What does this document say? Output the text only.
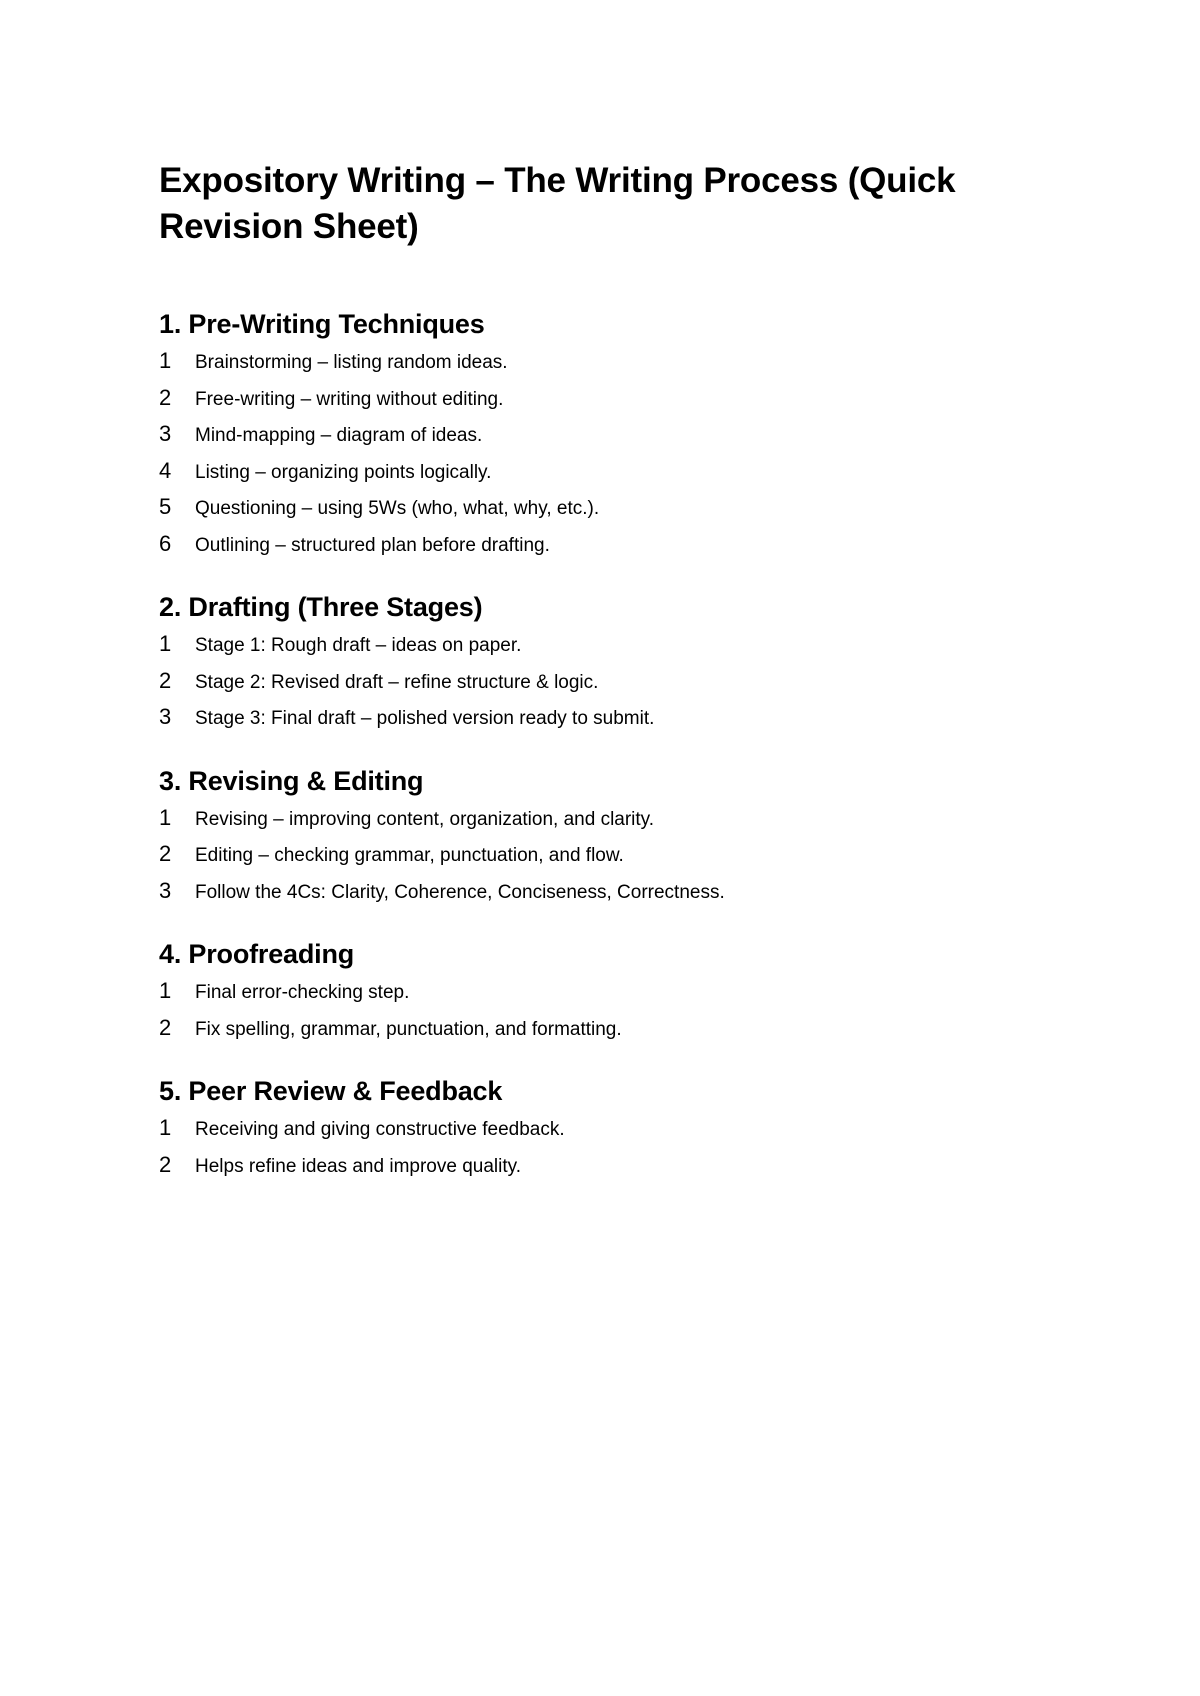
Expository Writing – The Writing Process (Quick Revision Sheet)
1. Pre-Writing Techniques
1	Brainstorming – listing random ideas.
2	Free-writing – writing without editing.
3	Mind-mapping – diagram of ideas.
4	Listing – organizing points logically.
5	Questioning – using 5Ws (who, what, why, etc.).
6	Outlining – structured plan before drafting.
2. Drafting (Three Stages)
1	Stage 1: Rough draft – ideas on paper.
2	Stage 2: Revised draft – refine structure & logic.
3	Stage 3: Final draft – polished version ready to submit.
3. Revising & Editing
1	Revising – improving content, organization, and clarity.
2	Editing – checking grammar, punctuation, and flow.
3	Follow the 4Cs: Clarity, Coherence, Conciseness, Correctness.
4. Proofreading
1	Final error-checking step.
2	Fix spelling, grammar, punctuation, and formatting.
5. Peer Review & Feedback
1	Receiving and giving constructive feedback.
2	Helps refine ideas and improve quality.
